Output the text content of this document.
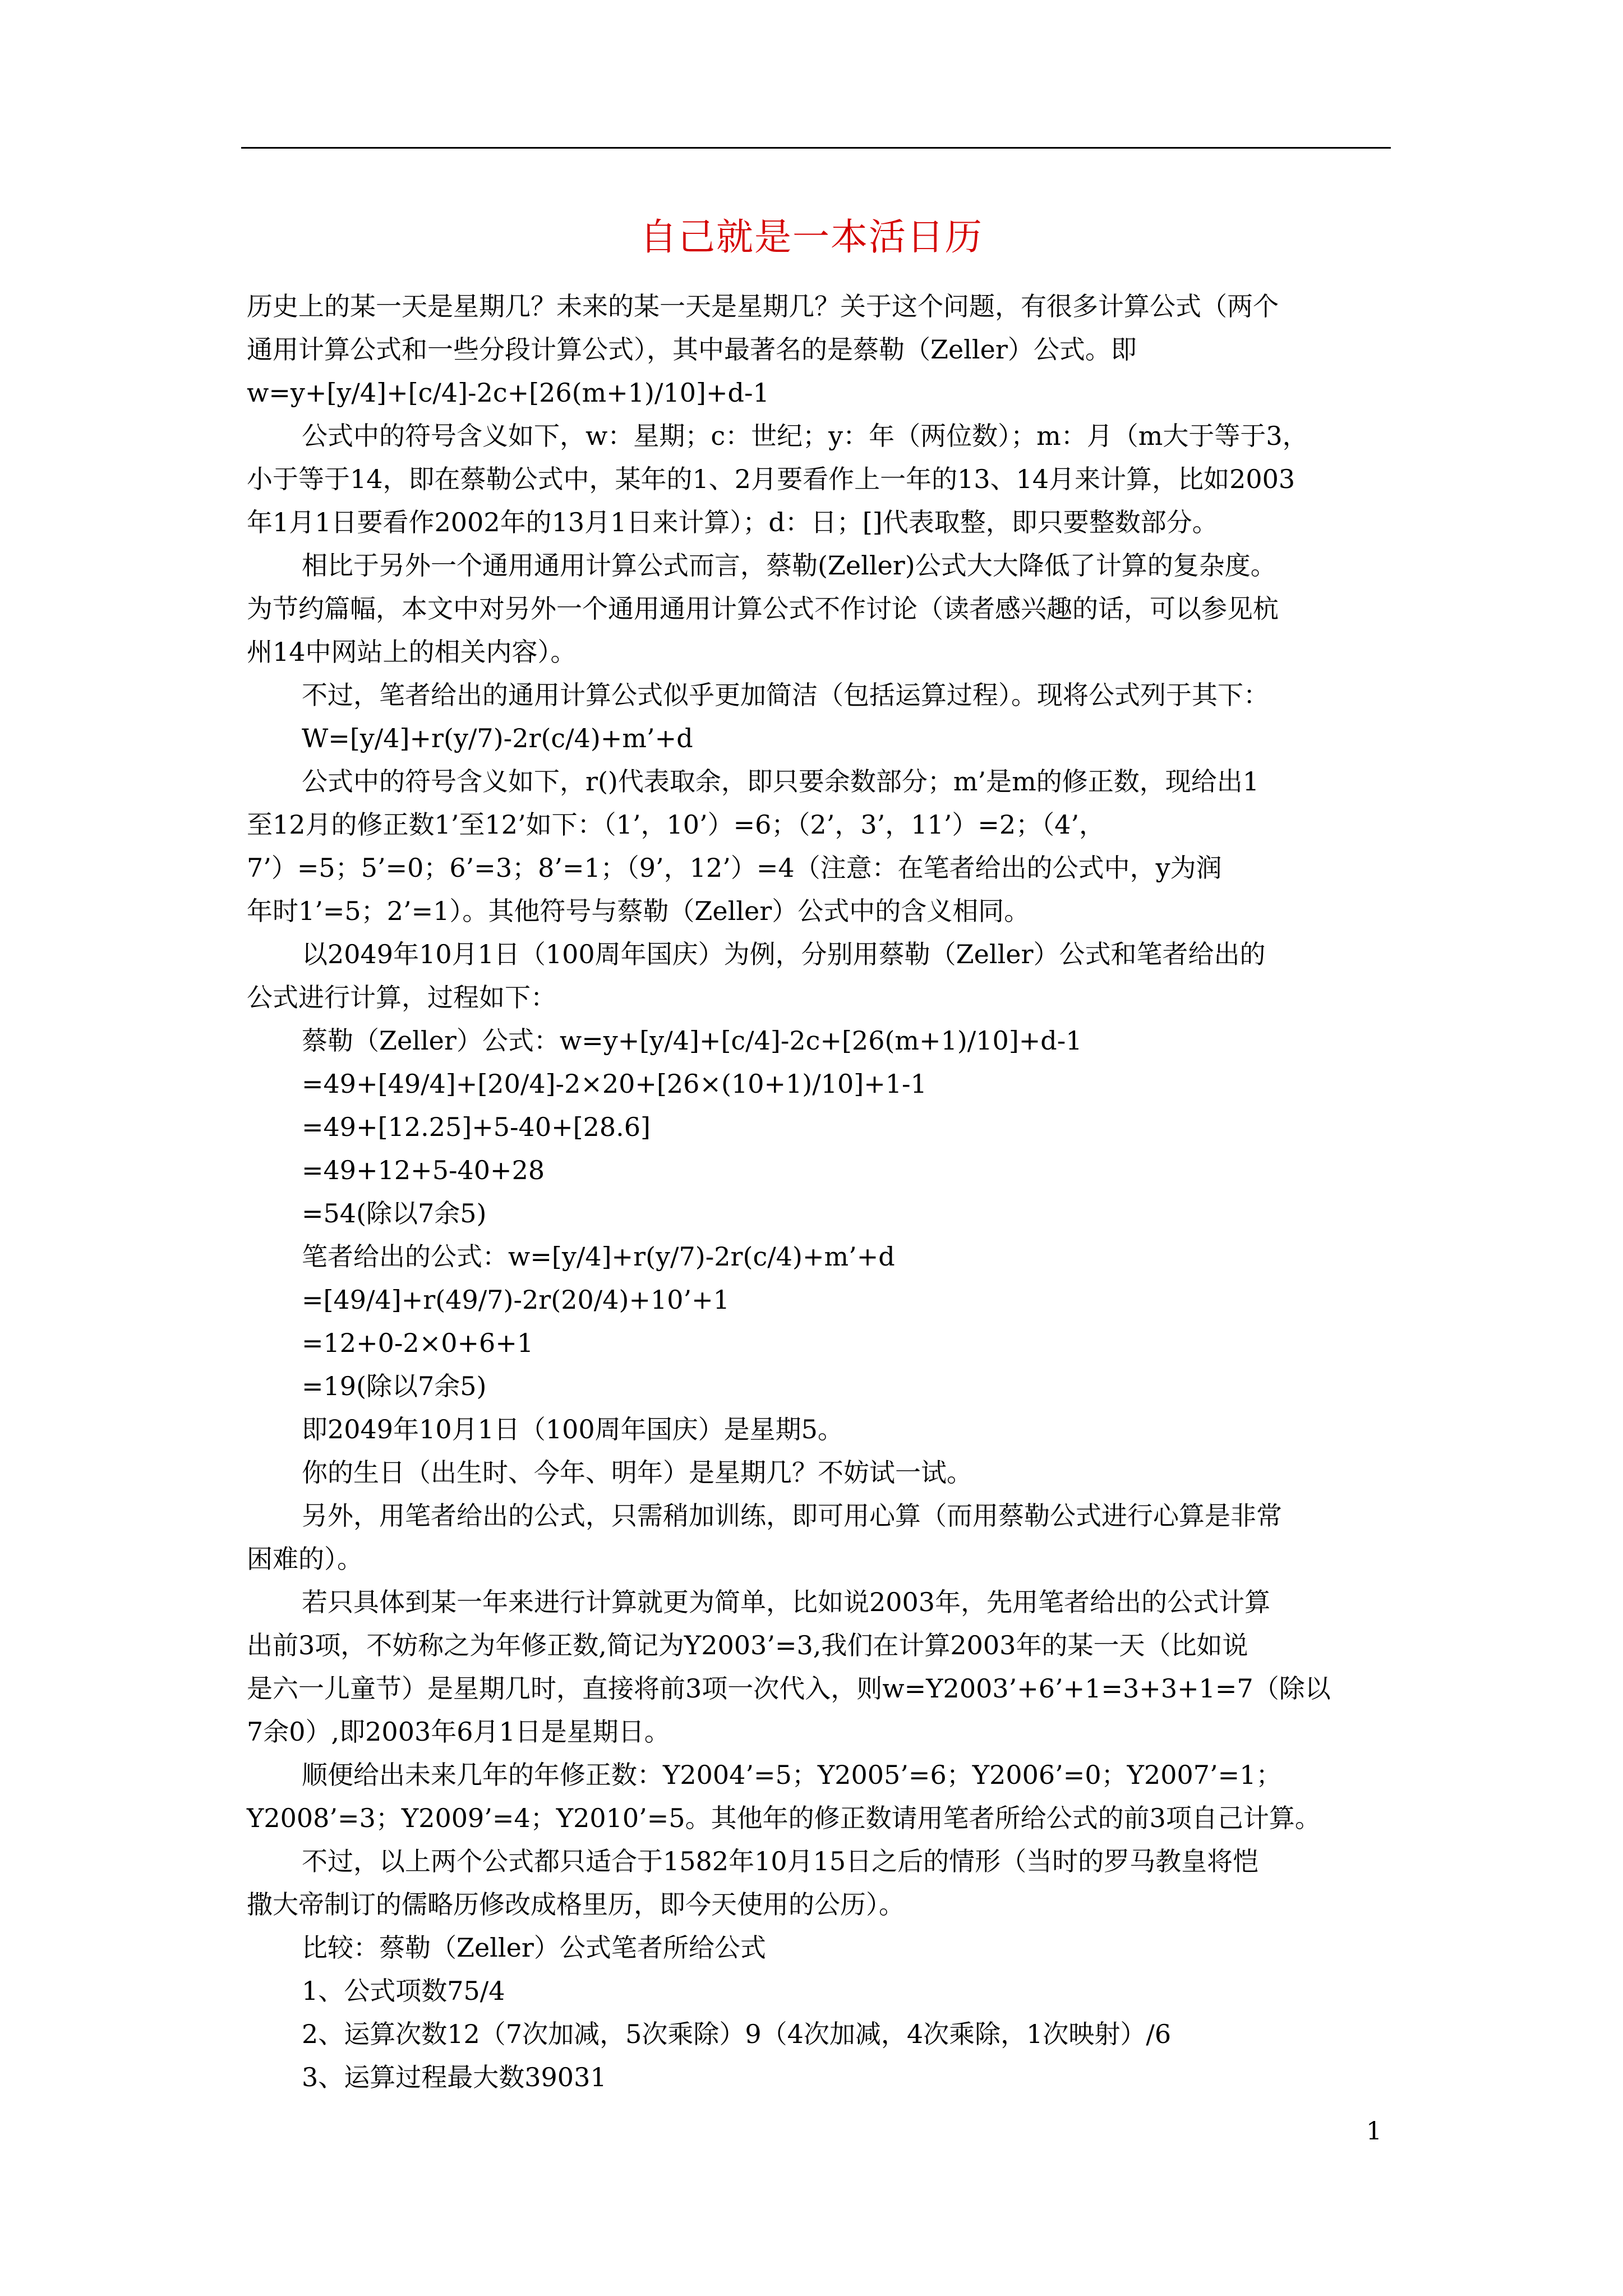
自己就是一本活日历

历史上的某一天是星期几？未来的某一天是星期几？关于这个问题，有很多计算公式（两个

通用计算公式和一些分段计算公式），其中最著名的是蔡勒（Zeller）公式。即

w=y+[y/4]+[c/4]-2c+[26(m+1)/10]+d-1

公式中的符号含义如下，w：星期；c：世纪；y：年（两位数）；m：月（m大于等于3，

小于等于14，即在蔡勒公式中，某年的1、2月要看作上一年的13、14月来计算，比如2003

年1月1日要看作2002年的13月1日来计算）；d：日；[]代表取整，即只要整数部分。

相比于另外一个通用通用计算公式而言，蔡勒(Zeller)公式大大降低了计算的复杂度。

为节约篇幅，本文中对另外一个通用通用计算公式不作讨论（读者感兴趣的话，可以参见杭

州14中网站上的相关内容）。

不过，笔者给出的通用计算公式似乎更加简洁（包括运算过程）。现将公式列于其下：

W=[y/4]+r(y/7)-2r(c/4)+m’+d

公式中的符号含义如下，r()代表取余，即只要余数部分；m’是m的修正数，现给出1

至12月的修正数1’至12’如下：（1’，10’）=6；（2’，3’，11’）=2；（4’，

7’）=5；5’=0；6’=3；8’=1；（9’，12’）=4（注意：在笔者给出的公式中，y为润

年时1’=5；2’=1）。其他符号与蔡勒（Zeller）公式中的含义相同。

以2049年10月1日（100周年国庆）为例，分别用蔡勒（Zeller）公式和笔者给出的

公式进行计算，过程如下：

蔡勒（Zeller）公式：w=y+[y/4]+[c/4]-2c+[26(m+1)/10]+d-1

=49+[49/4]+[20/4]-2×20+[26×(10+1)/10]+1-1

=49+[12.25]+5-40+[28.6]

=49+12+5-40+28

=54(除以7余5)

笔者给出的公式：w=[y/4]+r(y/7)-2r(c/4)+m’+d

=[49/4]+r(49/7)-2r(20/4)+10’+1

=12+0-2×0+6+1

=19(除以7余5)

即2049年10月1日（100周年国庆）是星期5。

你的生日（出生时、今年、明年）是星期几？不妨试一试。

另外，用笔者给出的公式，只需稍加训练，即可用心算（而用蔡勒公式进行心算是非常

困难的）。

若只具体到某一年来进行计算就更为简单，比如说2003年，先用笔者给出的公式计算

出前3项，不妨称之为年修正数,简记为Y2003’=3,我们在计算2003年的某一天（比如说

是六一儿童节）是星期几时，直接将前3项一次代入，则w=Y2003’+6’+1=3+3+1=7（除以

7余0）,即2003年6月1日是星期日。

顺便给出未来几年的年修正数：Y2004’=5；Y2005’=6；Y2006’=0；Y2007’=1；

Y2008’=3；Y2009’=4；Y2010’=5。其他年的修正数请用笔者所给公式的前3项自己计算。

不过，以上两个公式都只适合于1582年10月15日之后的情形（当时的罗马教皇将恺

撒大帝制订的儒略历修改成格里历，即今天使用的公历）。

比较：蔡勒（Zeller）公式笔者所给公式

1、公式项数75/4

2、运算次数12（7次加减，5次乘除）9（4次加减，4次乘除，1次映射）/6

3、运算过程最大数39031

1
